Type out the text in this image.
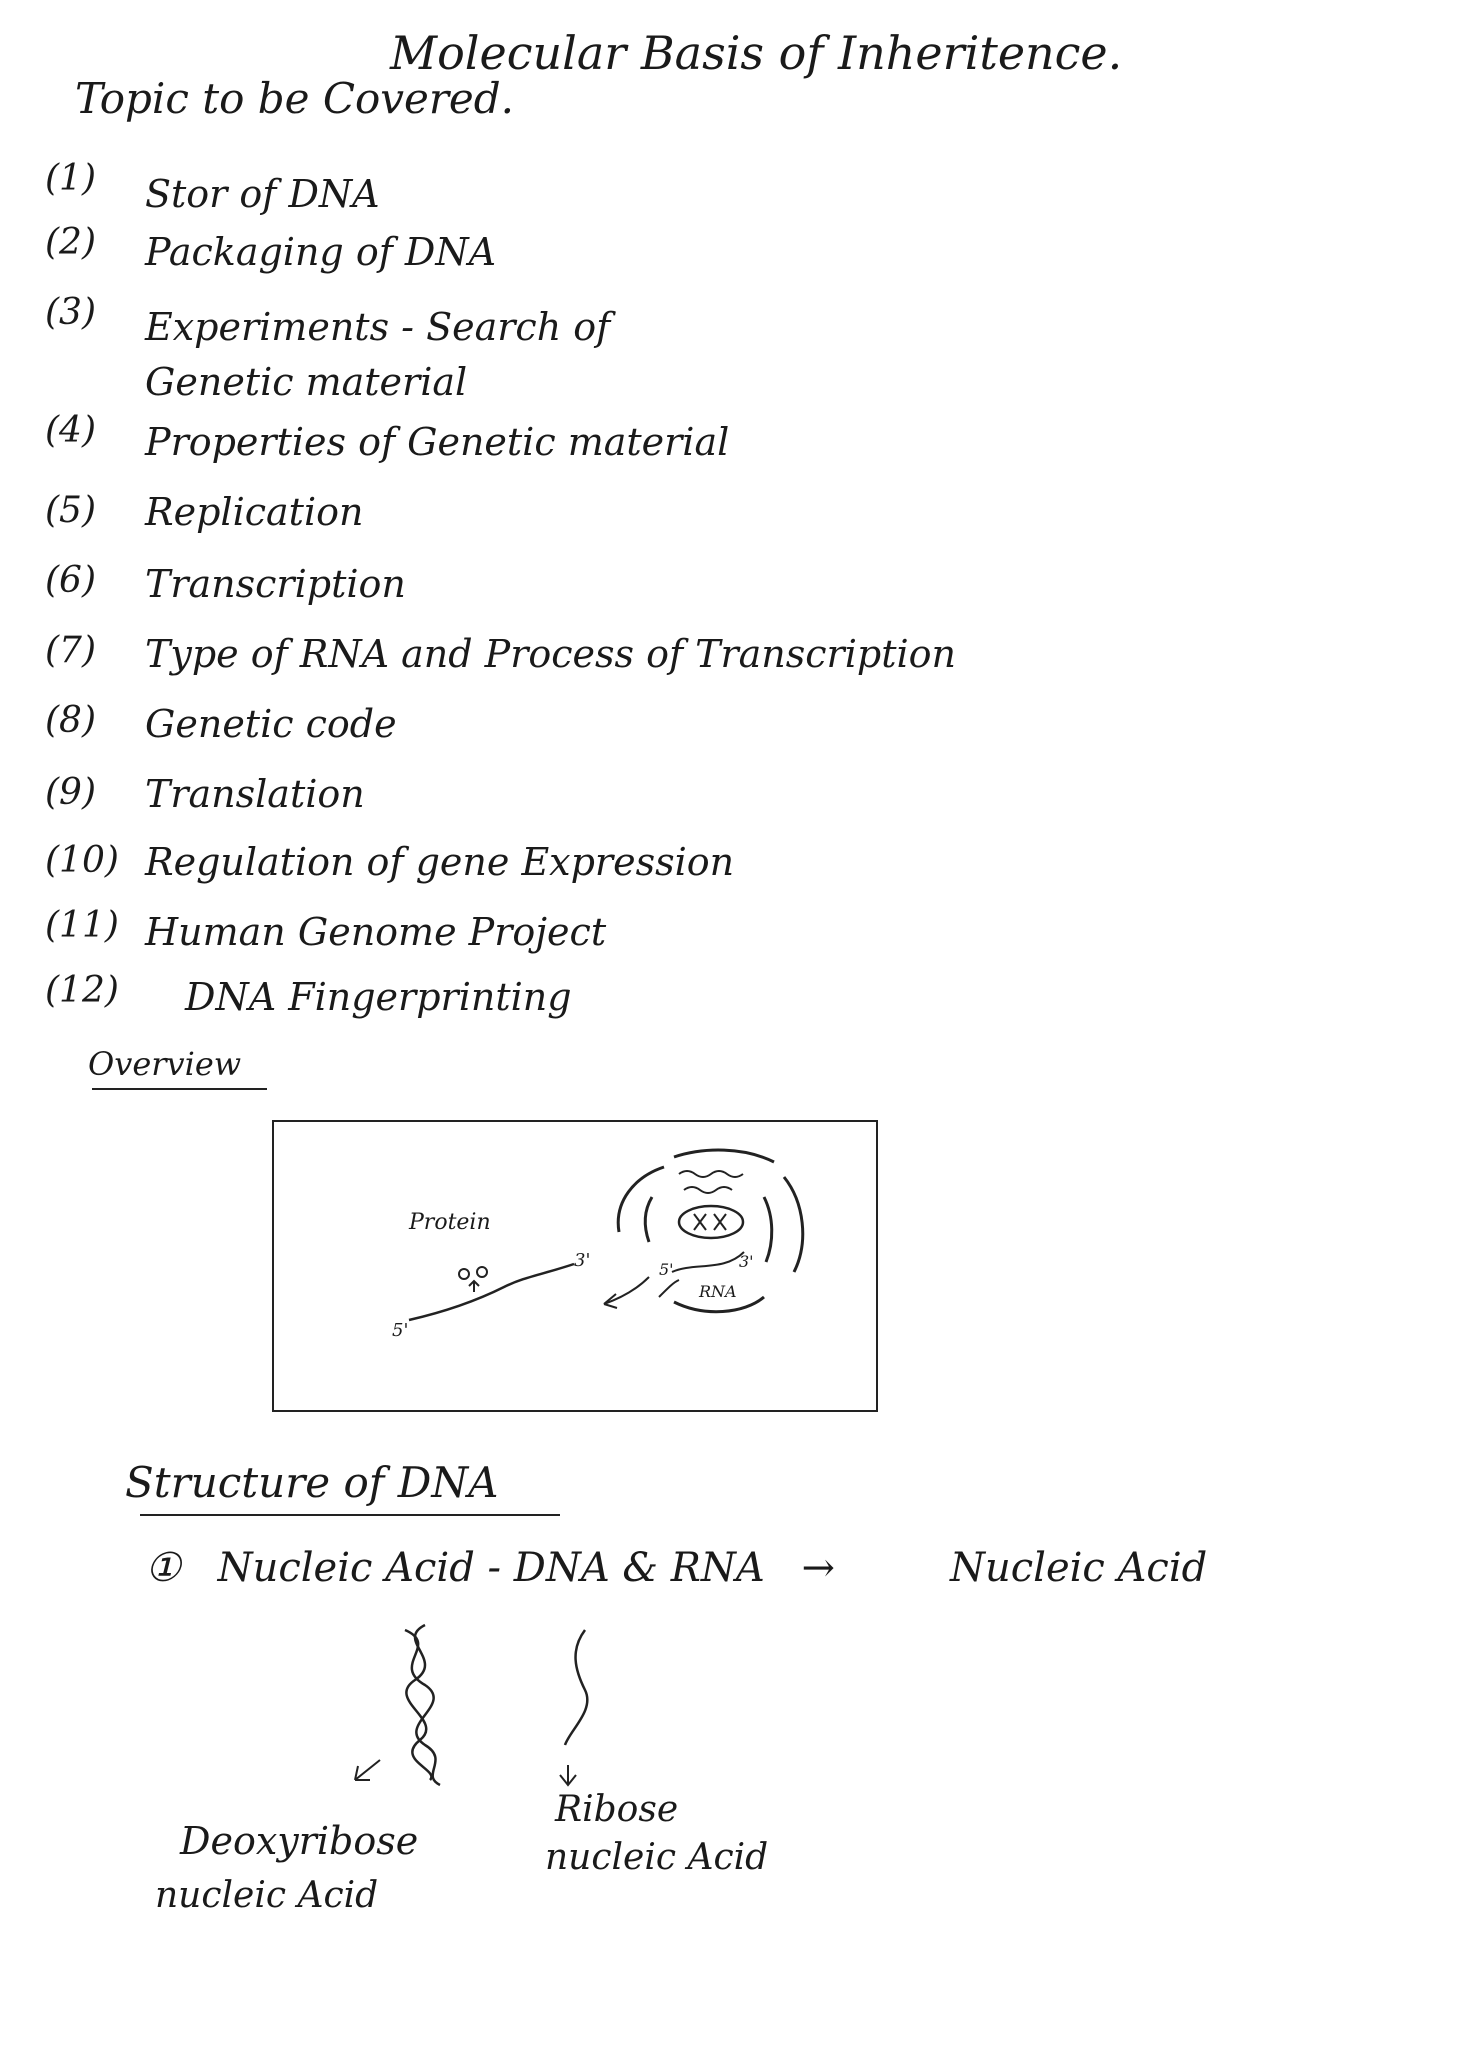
Molecular Basis of Inheritence.
Topic to be Covered.
(1) Stor of DNA
(2) Packaging of DNA
(3) Experiments - Search of
Genetic material
(4) Properties of Genetic material
(5) Replication
(6) Transcription
(7) Type of RNA and Process of Transcription
(8) Genetic code
(9) Translation
(10) Regulation of gene Expression
(11) Human Genome Project
(12) DNA Fingerprinting
Overview
Protein
5'
3'
RNA
5'	3'
Structure of DNA
① Nucleic Acid - DNA & RNA →	Nucleic Acid
Deoxyribose
nucleic Acid
Ribose
nucleic Acid
